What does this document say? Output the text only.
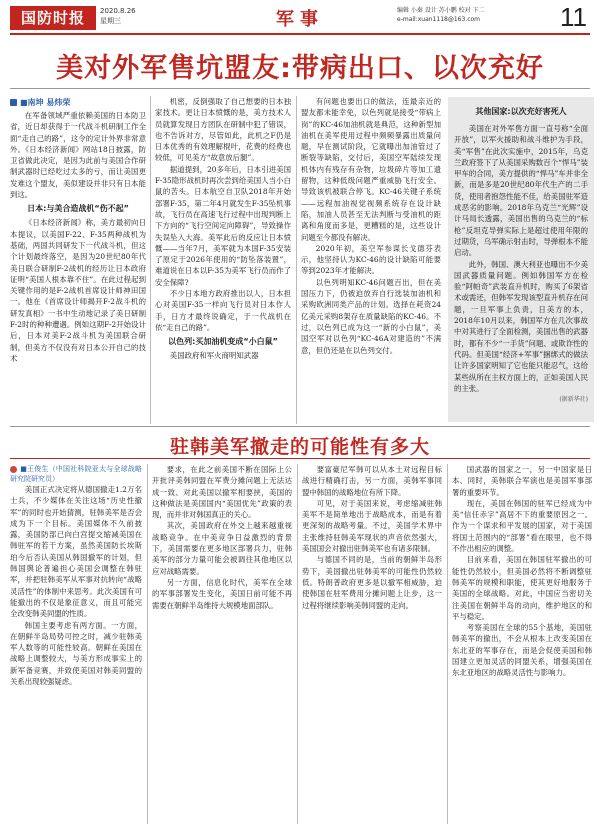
国防时报	2020.8.26
星期三	军事	编辑 小秦 设计 苏小鹏 校对 卞二
e-mail:xuan1118@163.com	11
美对外军售坑盟友:带病出口、以次充好
■南坤 易炜荣

在军备领域严重依赖美国的日本防卫省，近日却获得于一代战斗机研制工作全面“走自己的路”，这令的定计外界非常意外。《日本经济新闻》网站18日披露，防卫省做此决定，是因为此前与美国合作研制武器时已经吃过太多的亏，而让美国更发难这个盟友，美似建设并非只有日本能到这。

日本:与美合造战机“伤不起”

《日本经济新闻》称，美方最初向日本提议，以美国F-22、F-35两种战机为基础，两国共同研发下一代战斗机，但这个计划最终落空，是因为20世纪80年代美日联合研制F-2战机的经历让日本政府证明“美国人根本靠不住”。在此过程起到关键作用的是F-2战机首席设计师神田国一。他在《首席设计师揭开F-2战斗机的研发真相》一书中生动地记录了美日研制F-2时的种种遭遇。例如这期F-2开始设计后，日本对美F-2战斗机为美国联合研制，但美方不仅没有对日本公开自己的技术

机密，反倒强取了自己想要的日本独家技术。更让日本愤慨的是，美方技术人员就算发现日方团队在研制中犯了错误，也不告诉对方，尽管如此，此机之F仍是日本优秀的有效理解棍叶，花费的经费也较低，可见美方“故意放后腿”。

据道提到，20多年后，日本引进美国F-35隐形战机时再次尝到给美国人当小白鼠的苦头。日本航空自卫队2018年开始部署F-35，第二年4月就发生F-35坠机事故，飞行员在高速飞行过程中出现判断上下方向的“飞行空间定向障碍”，导致操作失误坠入大海。美军此后的反应让日本愤慨——当年7月，美军就为本国F-35安装了原定于2026年使用的“防坠落装置”，难道说在日本以F-35为美军飞行员而作了安全保障?

不少日本地方政府推出以人，日本担心对美国F-35一样向飞行员对日本作人手，日方才最终说确定，于一代战机在依“走自己的路”。

以色列:买加油机变成“小白鼠”

美国政府和军火商明知武器

有问题也要出口的做法，连最亲近的盟友都未能幸免，以色列就是接受“带病上岗”的KC-46加油机就是典范，这种新型加油机在美军使用过程中频频暴露出质量问题，早在测试阶段，它就曝出加油管过了断裂等缺陷，交付后，美国空军陆续发现机体内有残存有杂物，垃圾碎片等加工遗留物，这种低级问题严重威胁飞行安全。导致该机被联合停飞。KC-46关键子系统——远程加油视觉视频系统存在设计缺陷，加油人员甚至无法判断与受油机的距离和角度而多是，更糟糕的是，这些设计问题至今都没有解决。

2020年初，美空军参谋长戈德芬表示，他坚持认为KC-46的设计缺陷可能要等到2023年才能解决。

以色列明知KC-46问题百出，但在美国压力下，仍被迫放弃自行选装加油机和采购欧洲同类产品的计划。选择在耗资24亿美元采购8架存在质量缺陷的KC-46。不过，以色列已成为这一“新的小白鼠”，美国空军对以色列“KC-46A对建造的”不满意，但仍还是在以色列交付。

其他国家:以次充好害死人

美国在对外军售方面一直号称“全面开放”，以军火援助和战斗维护为手段，美“军售”在此次实施中，2015年，乌克兰政府签下了从美国采购数百个“悍马”装甲车的合同，美方提供的“悍马”车并非全新，而是多是20世纪80年代生产的二手货，使用者抱怨性能不佳，给美国驻军造成恶劣的影响。2018年乌克兰“光辉”设计马局长透露，美国出售的乌克兰的“标枪”反坦克导弹实际上是超过使用年限的过期货，乌军确示射击时，导弹根本不能启动。

此外，韩国、澳大利亚也曝出不少美国武器质量问题。例如韩国军方在检验“阿帕奇”武装直升机时，购买了6架省术或需还，但韩军发现该型直升机存在问题，一旦军事上负责，日美方的本，2018年10月以来，韩国军方在几次事故中对其进行了全面检测，美国出售的武器时，都有不少“一手货”问题、或欺诈性的代码。但美国“经济+军事”捆绑式的做法让许多国家明知了它也能只能忍气，这给某些纵所在主权方面上的，正如美国人民的主张。

(据新华社)
驻韩美军撤走的可能性有多大
■王俊生（中国社科院亚太与全球战略研究院研究员）

美国正式决定将从德国撤走1.2万名士兵，不少媒体在关注这场“历史性撤军”的同时也开始猜测，驻韩美军是否会成为下一个目标。美国媒体不久前披露，美国防部已向白宫提交缩减美国在韩驻军的若干方案，虽然美国防长埃斯珀今后否认美国从韩国撤军的计划，但韩国舆论普遍担心美国会调整在韩驻军，并把驻韩美军从军事对抗转向“战略灵活性”的体制中来思考。此次美国有可能撤出的不仅是象征意义，而且可能完全改变韩美同盟的性质。

韩国主要考虑有两方面。一方面，在朝鲜半岛局势可控之时，减少驻韩美军人数等的可能性较高。朝鲜在美国在战略上调整较大，与美方形成事实上的新军备竞赛，并致使美国对韩美同盟的关系出现较强疑虑。

要求，在此之前美国不断在国际上公开批评美韩同盟在军费分摊问题上无法达成一致、对此美国以撤军相要挟，美国的这种做法是美国国内“美国优先”政策的表现，而并非对韩国真正的关心。

其次，美国政府在外交上越来越重视战略竞争。在中美竞争日益激烈的背景下，美国需要在更多地区部署兵力，驻韩美军的部分力量可能会被调往其他地区以应对战略需要。

另一方面，信息化时代，美军在全球的军事部署发生变化，美国日前可能不再需要在朝鲜半岛维持大规模地面部队。

要富豪尼军韩可以从本土对远程目标战进行精确打击，另一方面，美韩军事同盟中韩国的战略地位有所下降。

可见，对于美国来说，考虑缩减驻韩美军不是简单地出于战略成本，而是有着更深刻的战略考量。不过，美国学术界中主张维持驻韩美军现状的声音依然强大，美国国会对撤出驻韩美军也有诸多限制。

与德国不同的是，当前的朝鲜半岛形势下，美国撤出驻韩美军的可能性仍然较低。特朗普政府更多是以撤军相威胁，迫使韩国在驻军费用分摊问题上让步，这一过程将继续影响美韩同盟的走向。

国武器的国家之一，另一中国家是日本、同时，美韩联合军演也是美国军事部署的重要环节。

现在，美国在韩国的驻军已经成为中美“信任赤字”高居不下的重要原因之一。作为一个谋求和平发展的国家，对于美国将国土范围内的“部署”看在眼里，也不得不作出相应的调整。

目前来看，美国在韩国驻军撤出的可能性仍然较小，但美国必然将不断调整驻韩美军的规模和职能，使其更好地服务于美国的全球战略。对此，中国应当密切关注美国在朝鲜半岛的动向，维护地区的和平与稳定。

考察美国在全球的55个基地，美国驻韩美军的撤出，不会从根本上改变美国在东北亚的军事存在，而是会促使美国和韩国建立更加灵活的同盟关系，增强美国在东北亚地区的战略灵活性与影响力。
